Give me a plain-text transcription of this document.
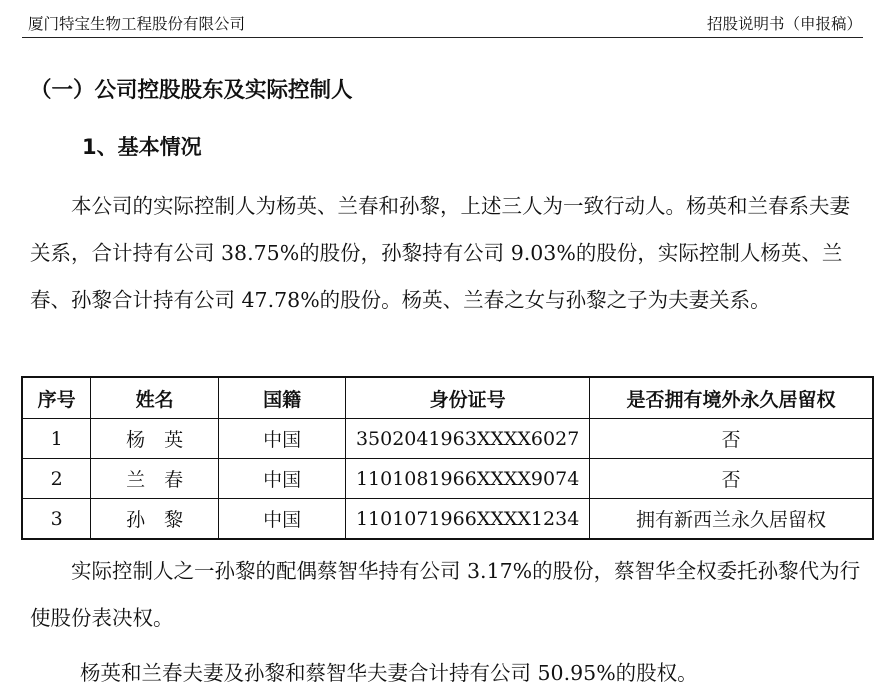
厦门特宝生物工程股份有限公司	招股说明书（申报稿）
（一）公司控股股东及实际控制人
1、基本情况

本公司的实际控制人为杨英、兰春和孙黎，上述三人为一致行动人。杨英和兰春系夫妻关系，合计持有公司 38.75%的股份，孙黎持有公司 9.03%的股份，实际控制人杨英、兰春、孙黎合计持有公司 47.78%的股份。杨英、兰春之女与孙黎之子为夫妻关系。

序号	姓名	国籍	身份证号	是否拥有境外永久居留权
1	杨　英	中国	3502041963XXXX6027	否
2	兰　春	中国	1101081966XXXX9074	否
3	孙　黎	中国	1101071966XXXX1234	拥有新西兰永久居留权

实际控制人之一孙黎的配偶蔡智华持有公司 3.17%的股份，蔡智华全权委托孙黎代为行使股份表决权。

杨英和兰春夫妻及孙黎和蔡智华夫妻合计持有公司 50.95%的股权。
